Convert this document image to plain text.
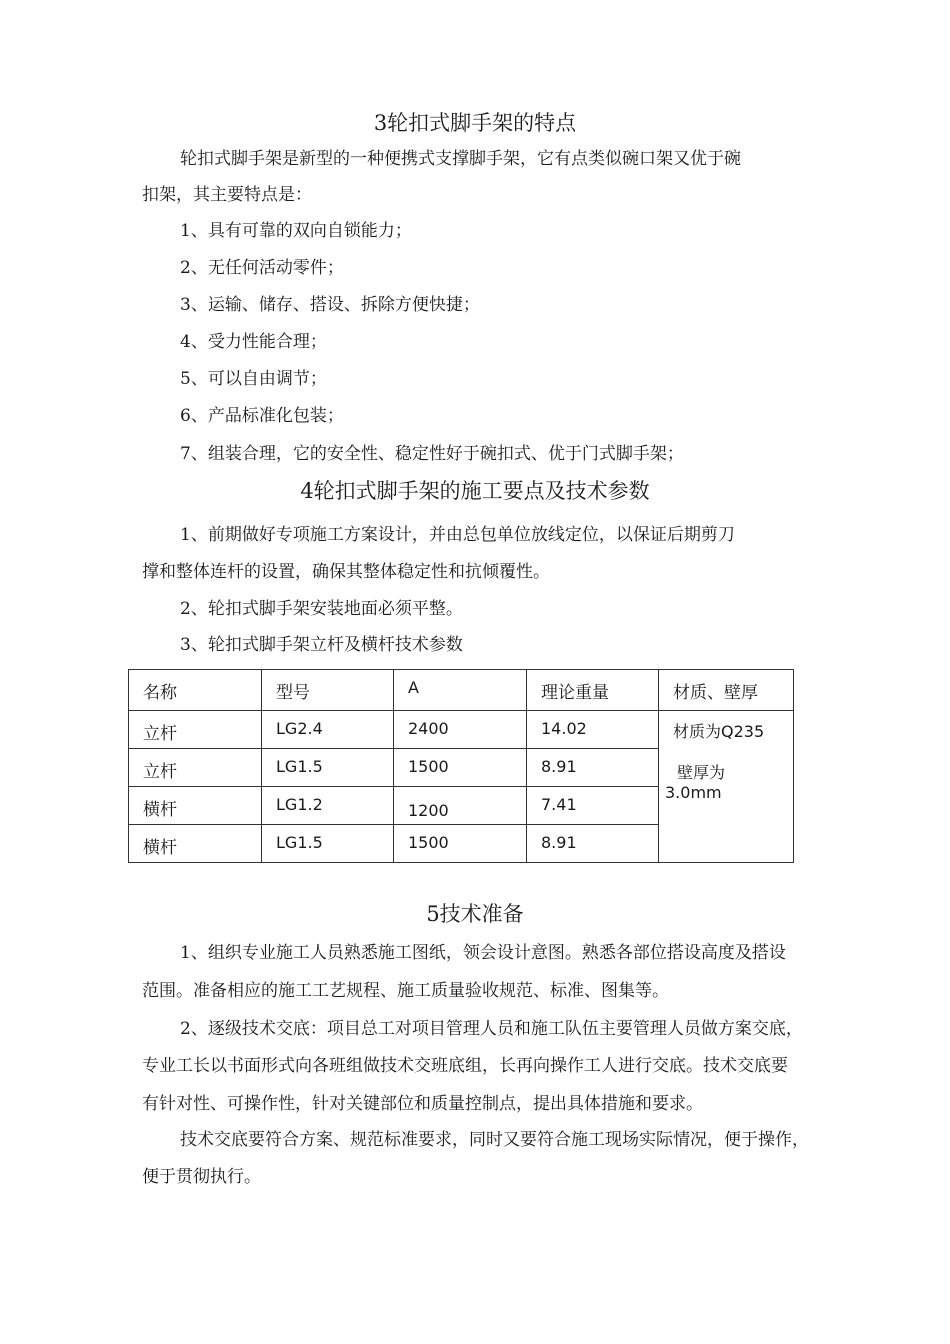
3轮扣式脚手架的特点
轮扣式脚手架是新型的一种便携式支撑脚手架，它有点类似碗口架又优于碗
扣架，其主要特点是：
1、具有可靠的双向自锁能力；
2、无任何活动零件；
3、运输、储存、搭设、拆除方便快捷；
4、受力性能合理；
5、可以自由调节；
6、产品标准化包装；
7、组装合理，它的安全性、稳定性好于碗扣式、优于门式脚手架；
4轮扣式脚手架的施工要点及技术参数
1、前期做好专项施工方案设计，并由总包单位放线定位，以保证后期剪刀
撑和整体连杆的设置，确保其整体稳定性和抗倾覆性。
2、轮扣式脚手架安装地面必须平整。
3、轮扣式脚手架立杆及横杆技术参数
名称	型号	A	理论重量	材质、壁厚

立杆	LG2.4	2400	14.02	材质为Q235
壁厚为
3.0mm

立杆	LG1.5	1500	8.91	

横杆	LG1.2	1200	7.41	

横杆	LG1.5	1500	8.91	
5技术准备
1、组织专业施工人员熟悉施工图纸，领会设计意图。熟悉各部位搭设高度及搭设
范围。准备相应的施工工艺规程、施工质量验收规范、标准、图集等。
2、逐级技术交底：项目总工对项目管理人员和施工队伍主要管理人员做方案交底，
专业工长以书面形式向各班组做技术交班底组，长再向操作工人进行交底。技术交底要
有针对性、可操作性，针对关键部位和质量控制点，提出具体措施和要求。
技术交底要符合方案、规范标准要求，同时又要符合施工现场实际情况，便于操作，
便于贯彻执行。
